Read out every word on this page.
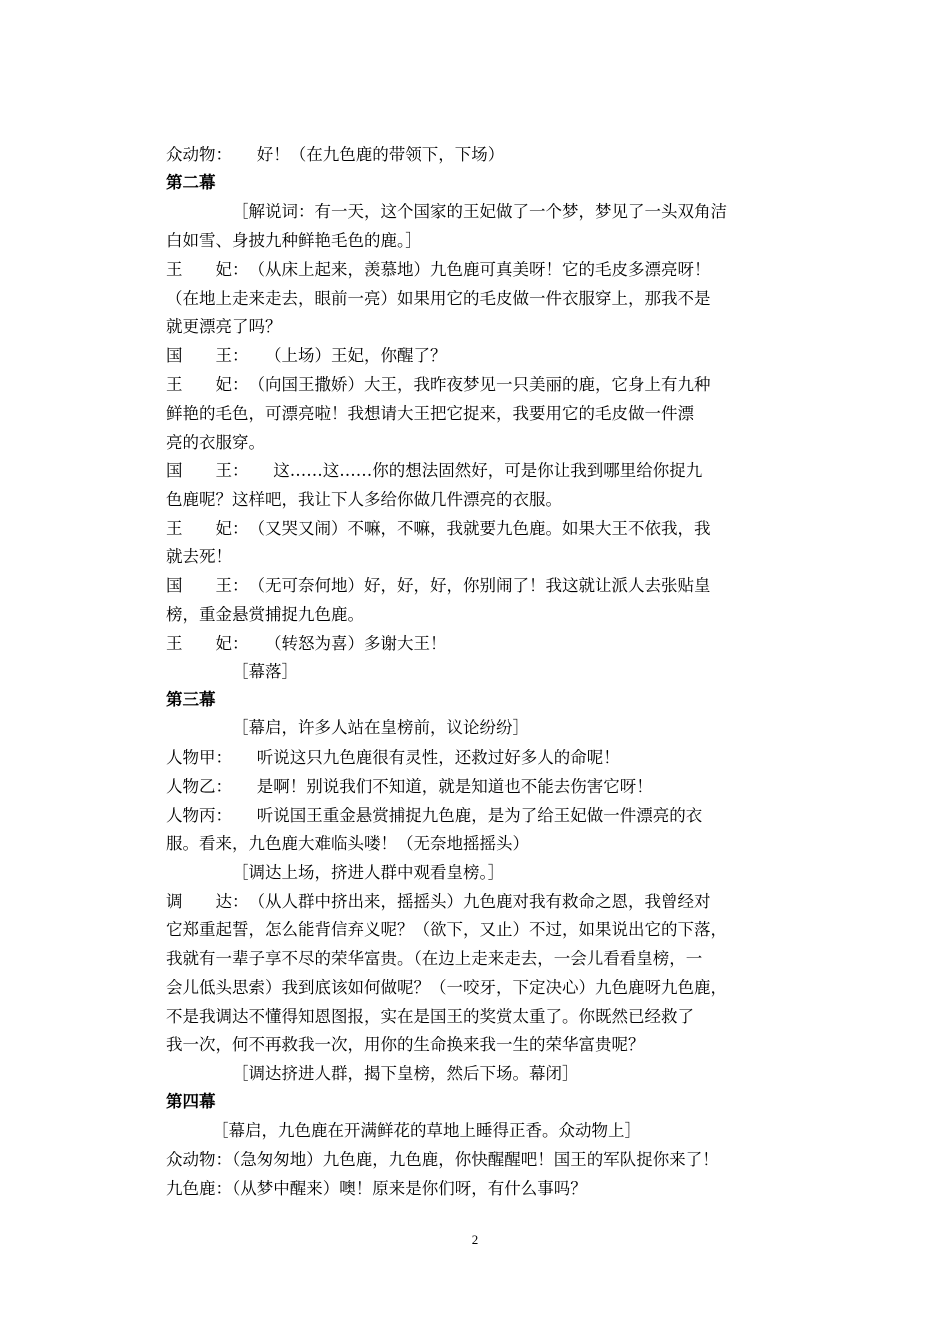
众动物：　　好！（在九色鹿的带领下，下场）
第二幕
［解说词：有一天，这个国家的王妃做了一个梦，梦见了一头双角洁
白如雪、身披九种鲜艳毛色的鹿。］
王　　妃：　（从床上起来，羡慕地）九色鹿可真美呀！它的毛皮多漂亮呀！
（在地上走来走去，眼前一亮）如果用它的毛皮做一件衣服穿上，那我不是
就更漂亮了吗？
国　　王：　　（上场）王妃，你醒了？
王　　妃：　（向国王撒娇）大王，我昨夜梦见一只美丽的鹿，它身上有九种
鲜艳的毛色，可漂亮啦！我想请大王把它捉来，我要用它的毛皮做一件漂
亮的衣服穿。
国　　王：　　这……这……你的想法固然好，可是你让我到哪里给你捉九
色鹿呢？这样吧，我让下人多给你做几件漂亮的衣服。
王　　妃：　（又哭又闹）不嘛，不嘛，我就要九色鹿。如果大王不依我，我
就去死！
国　　王：　（无可奈何地）好，好，好，你别闹了！我这就让派人去张贴皇
榜，重金悬赏捕捉九色鹿。
王　　妃：　　（转怒为喜）多谢大王！
［幕落］
第三幕
［幕启，许多人站在皇榜前，议论纷纷］
人物甲：　　听说这只九色鹿很有灵性，还救过好多人的命呢！
人物乙：　　是啊！别说我们不知道，就是知道也不能去伤害它呀！
人物丙：　　听说国王重金悬赏捕捉九色鹿，是为了给王妃做一件漂亮的衣
服。看来，九色鹿大难临头喽！（无奈地摇摇头）
［调达上场，挤进人群中观看皇榜。］
调　　达：　（从人群中挤出来，摇摇头）九色鹿对我有救命之恩，我曾经对
它郑重起誓，怎么能背信弃义呢？（欲下，又止）不过，如果说出它的下落，
我就有一辈子享不尽的荣华富贵。（在边上走来走去，一会儿看看皇榜，一
会儿低头思索）我到底该如何做呢？（一咬牙，下定决心）九色鹿呀九色鹿，
不是我调达不懂得知恩图报，实在是国王的奖赏太重了。你既然已经救了
我一次，何不再救我一次，用你的生命换来我一生的荣华富贵呢？
［调达挤进人群，揭下皇榜，然后下场。幕闭］
第四幕
［幕启，九色鹿在开满鲜花的草地上睡得正香。众动物上］
众动物：（急匆匆地）九色鹿，九色鹿，你快醒醒吧！国王的军队捉你来了！
九色鹿：（从梦中醒来）噢！原来是你们呀，有什么事吗？
2
